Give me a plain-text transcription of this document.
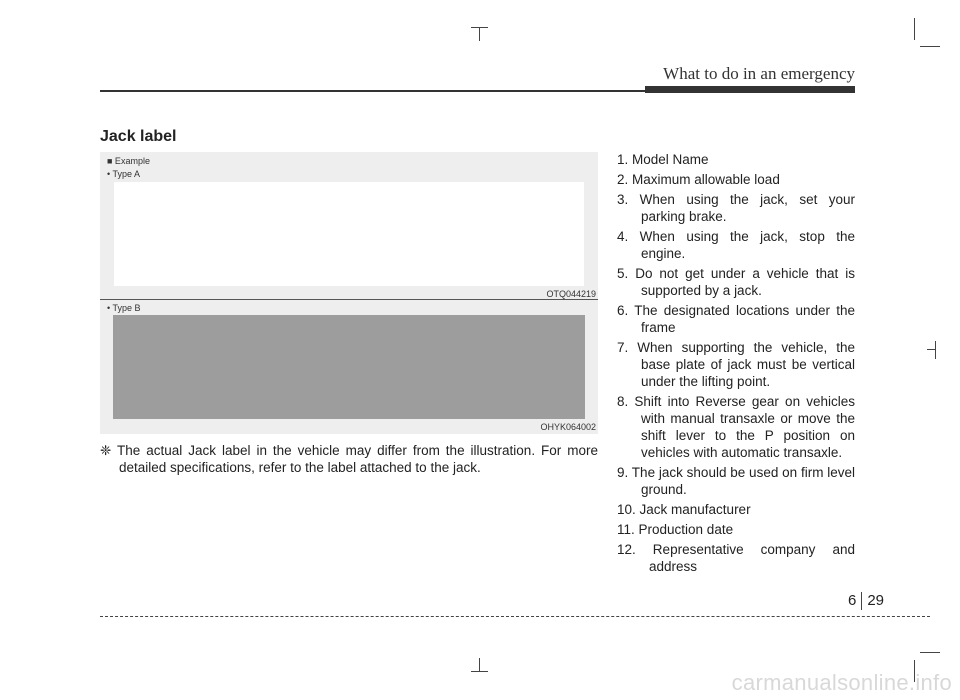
What to do in an emergency
Jack label
■ Example
• Type A
OTQ044219
• Type B
OHYK064002
❈ The actual Jack label in the vehicle may differ from the illustration. For more detailed specifications, refer to the label attached to the jack.
1. Model Name
2. Maximum allowable load
3. When using the jack, set your parking brake.
4. When using the jack, stop the engine.
5. Do not get under a vehicle that is supported by a jack.
6. The designated locations under the frame
7. When supporting the vehicle, the base plate of jack must be vertical under the lifting point.
8. Shift into Reverse gear on vehicles with manual transaxle or move the shift lever to the P position on vehicles with automatic transaxle.
9. The jack should be used on firm level ground.
10. Jack manufacturer
11. Production date
12. Representative company and address
6 29
carmanualsonline.info
